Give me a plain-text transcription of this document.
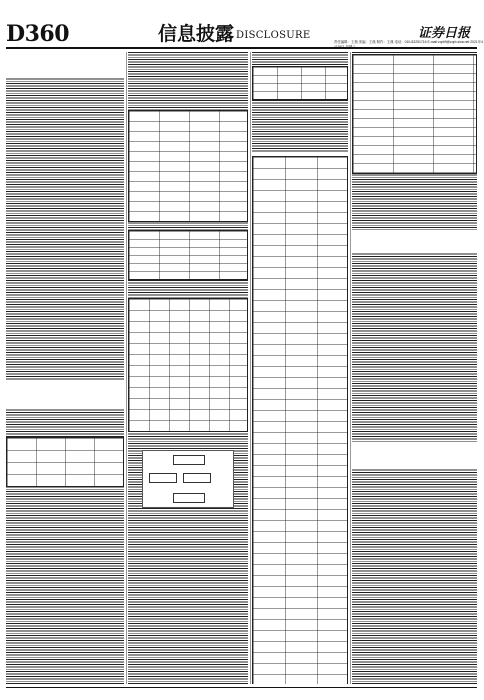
D360	信息披露 DISCLOSURE	证券日报
责任编辑：王典 美编：王典 制作：王典 电话：010-83251716 E-mail:zqrb9@zqrb.sina.net 2021年4
